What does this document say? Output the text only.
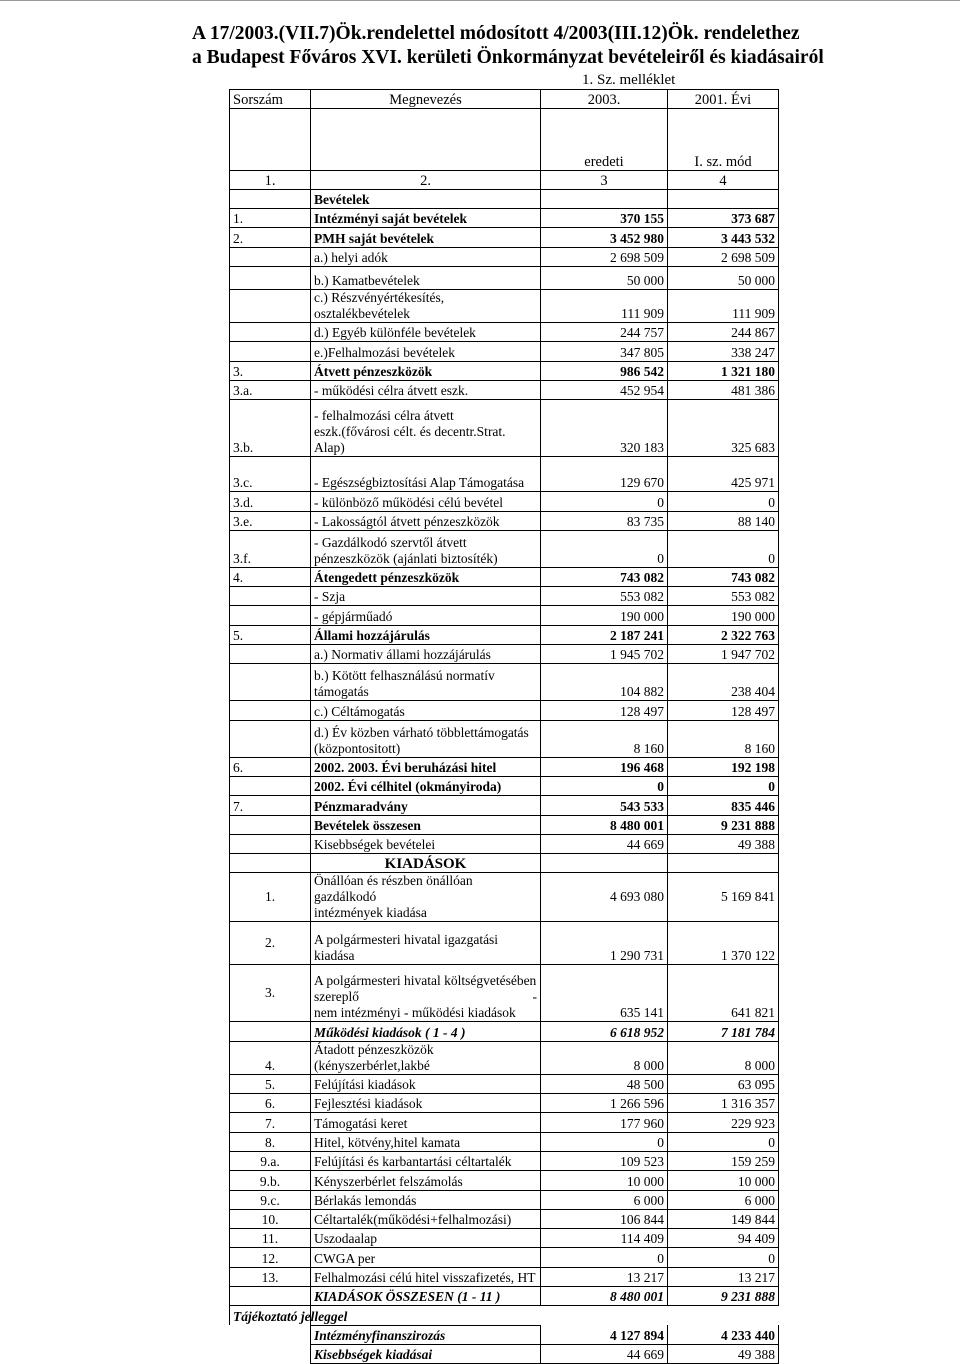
A 17/2003.(VII.7)Ök.rendelettel módosított 4/2003(III.12)Ök. rendelethez
a Budapest Főváros XVI. kerületi Önkormányzat bevételeiről és kiadásairól
1. Sz. melléklet
Sorszám	Megnevezés	2003.	2001. Évi

		eredeti	I. sz. mód
1.	2.	3	4
	Bevételek		
1.	Intézményi saját bevételek	370 155	373 687
2.	PMH saját bevételek	3 452 980	3 443 532
	a.) helyi adók	2 698 509	2 698 509
	b.) Kamatbevételek	50 000	50 000
	c.) Részvényértékesítés, osztalékbevételek	111 909	111 909
	d.) Egyéb különféle bevételek	244 757	244 867
	e.)Felhalmozási bevételek	347 805	338 247
3.	Átvett pénzeszközök	986 542	1 321 180
3.a.	- működési célra átvett eszk.	452 954	481 386
3.b.	- felhalmozási célra átvett
eszk.(fővárosi célt. és decentr.Strat. Alap)	320 183	325 683
3.c.	- Egészségbiztosítási Alap Támogatása	129 670	425 971
3.d.	- különböző működési célú bevétel	0	0
3.e.	- Lakosságtól átvett pénzeszközök	83 735	88 140
3.f.	- Gazdálkodó szervtől átvett
pénzeszközök (ajánlati biztosíték)	0	0
4.	Átengedett pénzeszközök	743 082	743 082
	- Szja	553 082	553 082
	- gépjárműadó	190 000	190 000
5.	Állami hozzájárulás	2 187 241	2 322 763
	a.) Normativ állami hozzájárulás	1 945 702	1 947 702

	b.) Kötött felhasználású normatív
támogatás	104 882	238 404
	c.) Céltámogatás	128 497	128 497

	d.) Év közben várható többlettámogatás
(központositott)	8 160	8 160
6.	2002. 2003. Évi beruházási hitel	196 468	192 198
	2002. Évi célhitel (okmányiroda)	0	0
7.	Pénzmaradvány	543 533	835 446
	Bevételek összesen	8 480 001	9 231 888
	Kisebbségek bevételei	44 669	49 388
	KIADÁSOK		
1.	Önállóan és részben önállóan gazdálkodó
intézmények kiadása	4 693 080	5 169 841
2.	A polgármesteri hivatal igazgatási kiadása	1 290 731	1 370 122
3.	A polgármesteri hivatal költségvetésében
szereplő -
nem intézményi - működési kiadások	635 141	641 821
	Működési kiadások ( 1 - 4 )	6 618 952	7 181 784
4.	Átadott pénzeszközök (kényszerbérlet,lakbé	8 000	8 000
5.	Felújítási kiadások	48 500	63 095
6.	Fejlesztési kiadások	1 266 596	1 316 357
7.	Támogatási keret	177 960	229 923
8.	Hitel, kötvény,hitel kamata	0	0
9.a.	Felújítási és karbantartási céltartalék	109 523	159 259
9.b.	Kényszerbérlet felszámolás	10 000	10 000
9.c.	Bérlakás lemondás	6 000	6 000
10.	Céltartalék(működési+felhalmozási)	106 844	149 844
11.	Uszodaalap	114 409	94 409
12.	CWGA per	0	0
13.	Felhalmozási célú hitel visszafizetés, HT	13 217	13 217
	KIADÁSOK ÖSSZESEN (1 - 11 )	8 480 001	9 231 888
Tájékoztató jelleggel			
	Intézményfinanszirozás	4 127 894	4 233 440
	Kisebbségek kiadásai	44 669	49 388
